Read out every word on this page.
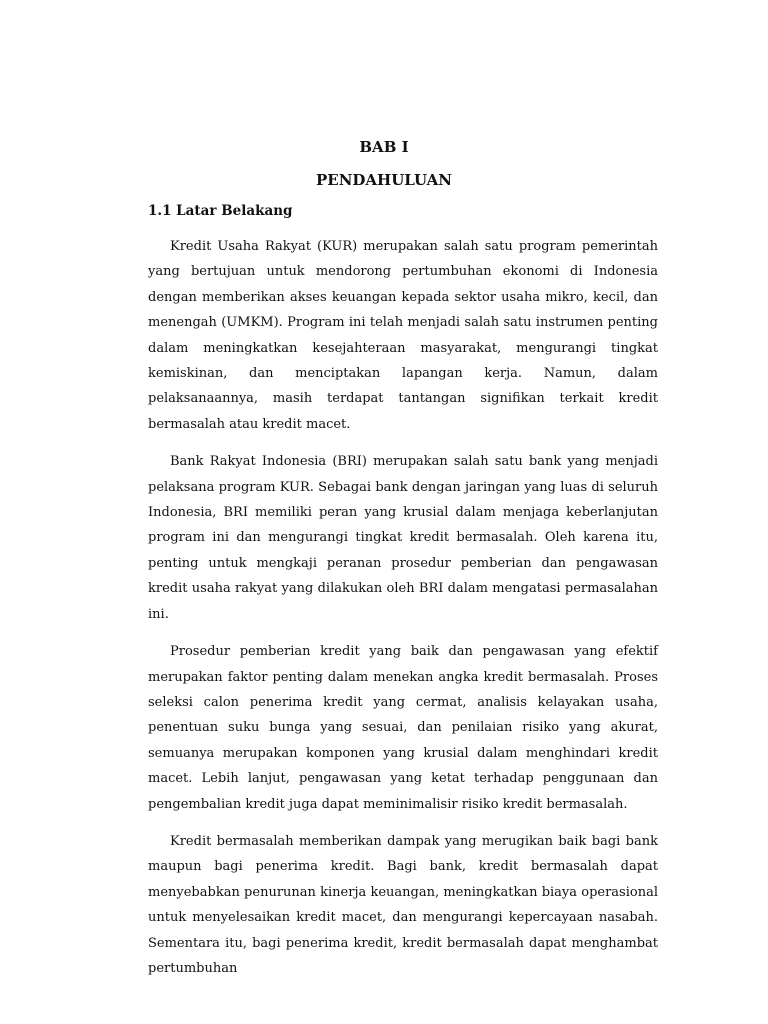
BAB I
PENDAHULUAN
1.1 Latar Belakang

Kredit Usaha Rakyat (KUR) merupakan salah satu program pemerintah yang bertujuan untuk mendorong pertumbuhan ekonomi di Indonesia dengan memberikan akses keuangan kepada sektor usaha mikro, kecil, dan menengah (UMKM). Program ini telah menjadi salah satu instrumen penting dalam meningkatkan kesejahteraan masyarakat, mengurangi tingkat kemiskinan, dan menciptakan lapangan kerja. Namun, dalam pelaksanaannya, masih terdapat tantangan signifikan terkait kredit bermasalah atau kredit macet.

Bank Rakyat Indonesia (BRI) merupakan salah satu bank yang menjadi pelaksana program KUR. Sebagai bank dengan jaringan yang luas di seluruh Indonesia, BRI memiliki peran yang krusial dalam menjaga keberlanjutan program ini dan mengurangi tingkat kredit bermasalah. Oleh karena itu, penting untuk mengkaji peranan prosedur pemberian dan pengawasan kredit usaha rakyat yang dilakukan oleh BRI dalam mengatasi permasalahan ini.

Prosedur pemberian kredit yang baik dan pengawasan yang efektif merupakan faktor penting dalam menekan angka kredit bermasalah. Proses seleksi calon penerima kredit yang cermat, analisis kelayakan usaha, penentuan suku bunga yang sesuai, dan penilaian risiko yang akurat, semuanya merupakan komponen yang krusial dalam menghindari kredit macet. Lebih lanjut, pengawasan yang ketat terhadap penggunaan dan pengembalian kredit juga dapat meminimalisir risiko kredit bermasalah.

Kredit bermasalah memberikan dampak yang merugikan baik bagi bank maupun bagi penerima kredit. Bagi bank, kredit bermasalah dapat menyebabkan penurunan kinerja keuangan, meningkatkan biaya operasional untuk menyelesaikan kredit macet, dan mengurangi kepercayaan nasabah. Sementara itu, bagi penerima kredit, kredit bermasalah dapat menghambat pertumbuhan
